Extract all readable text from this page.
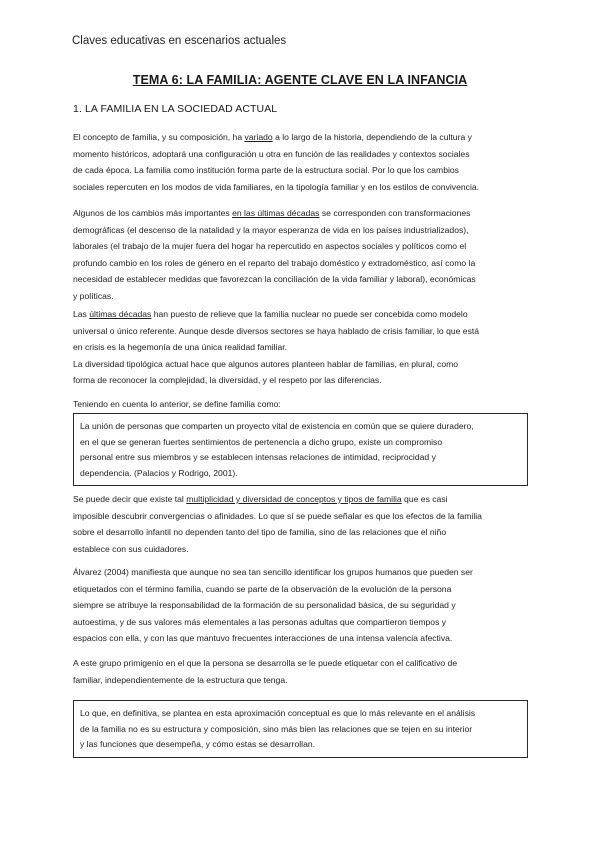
Claves educativas en escenarios actuales
TEMA 6: LA FAMILIA: AGENTE CLAVE EN LA INFANCIA
1. LA FAMILIA EN LA SOCIEDAD ACTUAL
El concepto de familia, y su composición, ha variado a lo largo de la historia, dependiendo de la cultura y
momento históricos, adoptará una configuración u otra en función de las realidades y contextos sociales
de cada época. La familia como institución forma parte de la estructura social. Por lo que los cambios
sociales repercuten en los modos de vida familiares, en la tipología familiar y en los estilos de convivencia.
Algunos de los cambios más importantes en las últimas décadas se corresponden con transformaciones
demográficas (el descenso de la natalidad y la mayor esperanza de vida en los países industrializados),
laborales (el trabajo de la mujer fuera del hogar ha repercutido en aspectos sociales y políticos como el
profundo cambio en los roles de género en el reparto del trabajo doméstico y extradoméstico, así como la
necesidad de establecer medidas que favorezcan la conciliación de la vida familiar y laboral), económicas
y políticas.
Las últimas décadas han puesto de relieve que la familia nuclear no puede ser concebida como modelo
universal o único referente. Aunque desde diversos sectores se haya hablado de crisis familiar, lo que está
en crisis es la hegemonía de una única realidad familiar.
La diversidad tipológica actual hace que algunos autores planteen hablar de familias, en plural, como
forma de reconocer la complejidad, la diversidad, y el respeto por las diferencias.
Teniendo en cuenta lo anterior, se define familia como:
La unión de personas que comparten un proyecto vital de existencia en común que se quiere duradero,
en el que se generan fuertes sentimientos de pertenencia a dicho grupo, existe un compromiso
personal entre sus miembros y se establecen intensas relaciones de intimidad, reciprocidad y
dependencia. (Palacios y Rodrigo, 2001).
Se puede decir que existe tal multiplicidad y diversidad de conceptos y tipos de familia que es casi
imposible descubrir convergencias o afinidades. Lo que sí se puede señalar es que los efectos de la familia
sobre el desarrollo infantil no dependen tanto del tipo de familia, sino de las relaciones que el niño
establece con sus cuidadores.
Álvarez (2004) manifiesta que aunque no sea tan sencillo identificar los grupos humanos que pueden ser
etiquetados con el término familia, cuando se parte de la observación de la evolución de la persona
siempre se atribuye la responsabilidad de la formación de su personalidad básica, de su seguridad y
autoestima, y de sus valores más elementales a las personas adultas que compartieron tiempos y
espacios con ella, y con las que mantuvo frecuentes interacciones de una intensa valencia afectiva.
A este grupo primigenio en el que la persona se desarrolla se le puede etiquetar con el calificativo de
familiar, independientemente de la estructura que tenga.
Lo que, en definitiva, se plantea en esta aproximación conceptual es que lo más relevante en el análisis
de la familia no es su estructura y composición, sino más bien las relaciones que se tejen en su interior
y las funciones que desempeña, y cómo estas se desarrollan.
